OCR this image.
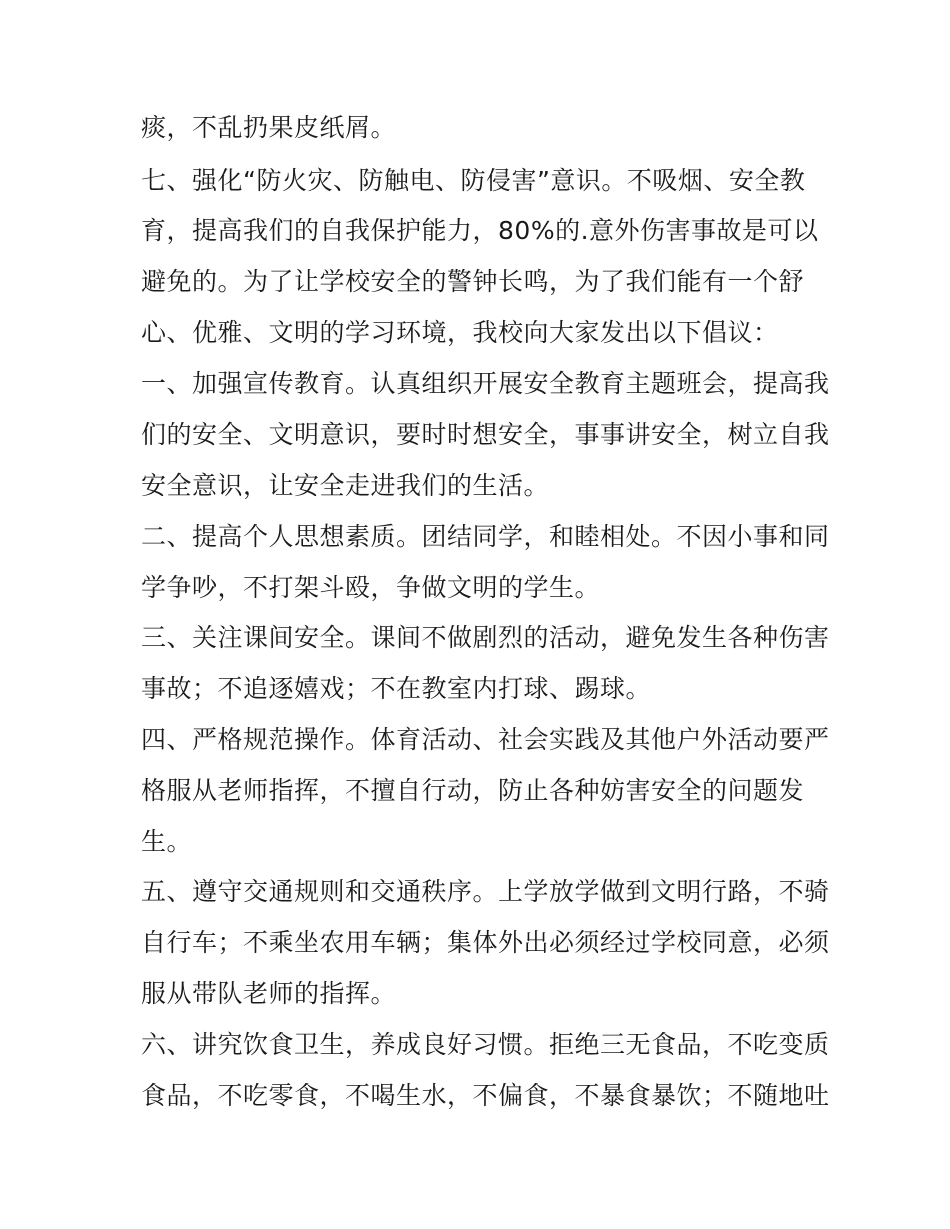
痰，不乱扔果皮纸屑。
七、强化“防火灾、防触电、防侵害”意识。不吸烟、安全教
育，提高我们的自我保护能力，80%的.意外伤害事故是可以
避免的。为了让学校安全的警钟长鸣，为了我们能有一个舒
心、优雅、文明的学习环境，我校向大家发出以下倡议：
一、加强宣传教育。认真组织开展安全教育主题班会，提高我
们的安全、文明意识，要时时想安全，事事讲安全，树立自我
安全意识，让安全走进我们的生活。
二、提高个人思想素质。团结同学，和睦相处。不因小事和同
学争吵，不打架斗殴，争做文明的学生。
三、关注课间安全。课间不做剧烈的活动，避免发生各种伤害
事故；不追逐嬉戏；不在教室内打球、踢球。
四、严格规范操作。体育活动、社会实践及其他户外活动要严
格服从老师指挥，不擅自行动，防止各种妨害安全的问题发
生。
五、遵守交通规则和交通秩序。上学放学做到文明行路，不骑
自行车；不乘坐农用车辆；集体外出必须经过学校同意，必须
服从带队老师的指挥。
六、讲究饮食卫生，养成良好习惯。拒绝三无食品，不吃变质
食品，不吃零食，不喝生水，不偏食，不暴食暴饮；不随地吐
